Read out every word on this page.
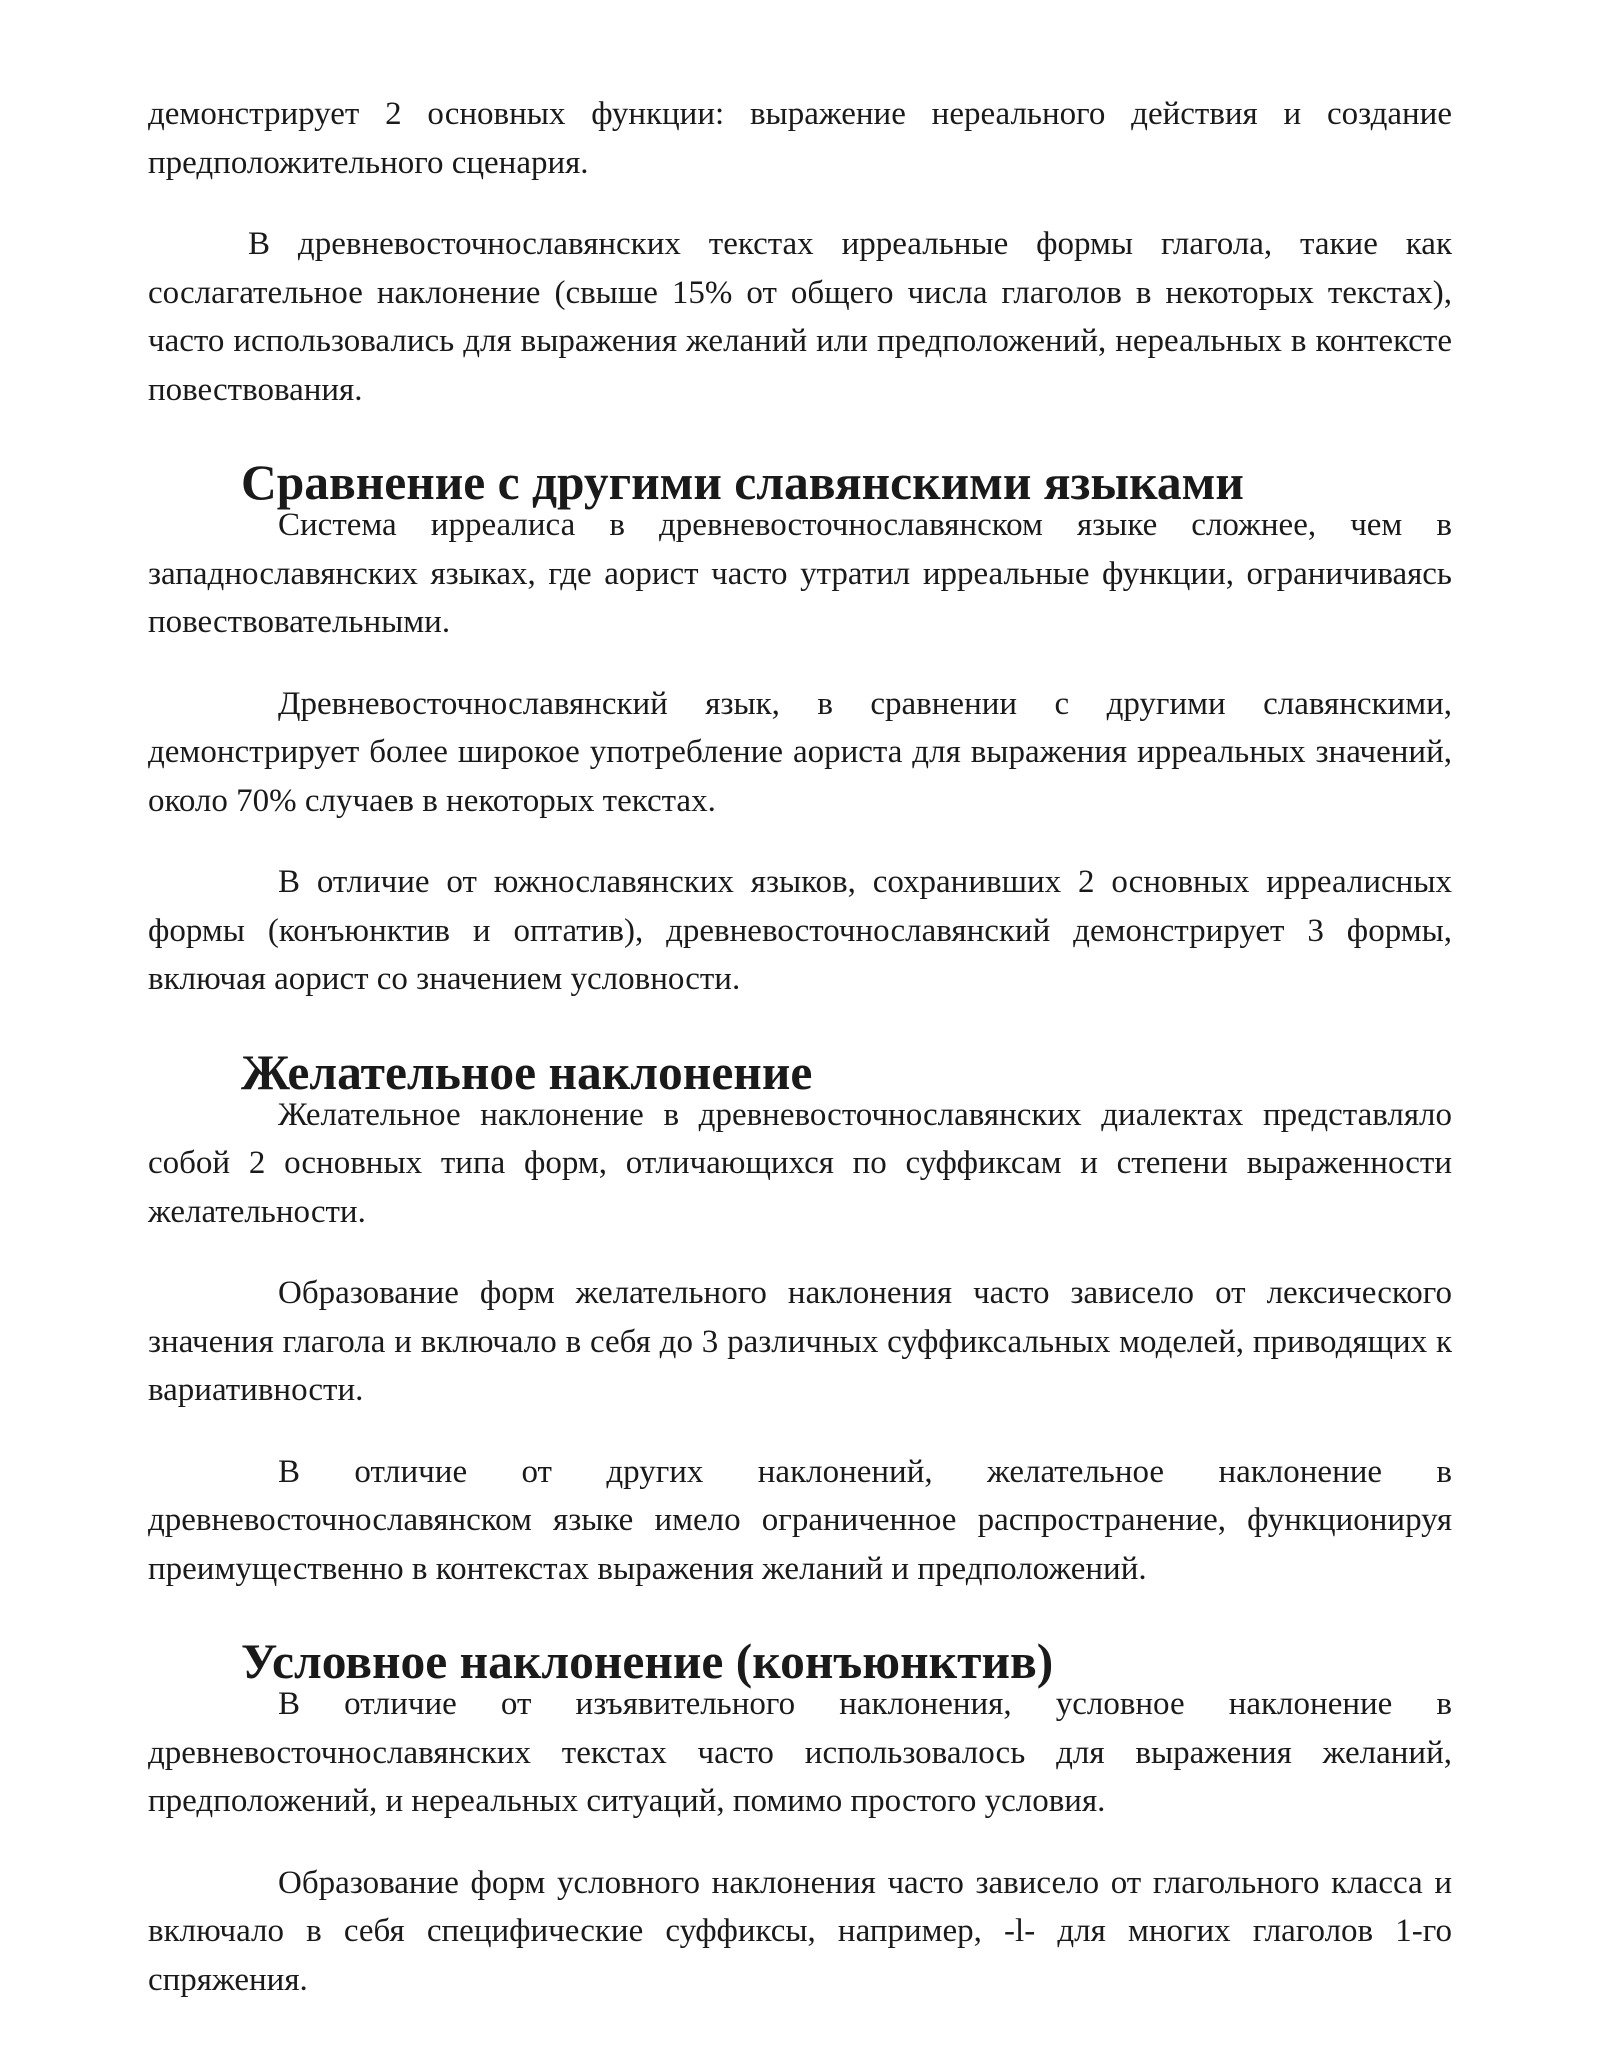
демонстрирует 2 основных функции: выражение нереального действия и создание предположительного сценария.

В древневосточнославянских текстах ирреальные формы глагола, такие как сослагательное наклонение (свыше 15% от общего числа глаголов в некоторых текстах), часто использовались для выражения желаний или предположений, нереальных в контексте повествования.

Сравнение с другими славянскими языками

Система ирреалиса в древневосточнославянском языке сложнее, чем в западнославянских языках, где аорист часто утратил ирреальные функции, ограничиваясь повествовательными.

Древневосточнославянский язык, в сравнении с другими славянскими, демонстрирует более широкое употребление аориста для выражения ирреальных значений, около 70% случаев в некоторых текстах.

В отличие от южнославянских языков, сохранивших 2 основных ирреалисных формы (конъюнктив и оптатив), древневосточнославянский демонстрирует 3 формы, включая аорист со значением условности.

Желательное наклонение

Желательное наклонение в древневосточнославянских диалектах представляло собой 2 основных типа форм, отличающихся по суффиксам и степени выраженности желательности.

Образование форм желательного наклонения часто зависело от лексического значения глагола и включало в себя до 3 различных суффиксальных моделей, приводящих к вариативности.

В отличие от других наклонений, желательное наклонение в древневосточнославянском языке имело ограниченное распространение, функционируя преимущественно в контекстах выражения желаний и предположений.

Условное наклонение (конъюнктив)

В отличие от изъявительного наклонения, условное наклонение в древневосточнославянских текстах часто использовалось для выражения желаний, предположений, и нереальных ситуаций, помимо простого условия.

Образование форм условного наклонения часто зависело от глагольного класса и включало в себя специфические суффиксы, например, -l- для многих глаголов 1-го спряжения.
